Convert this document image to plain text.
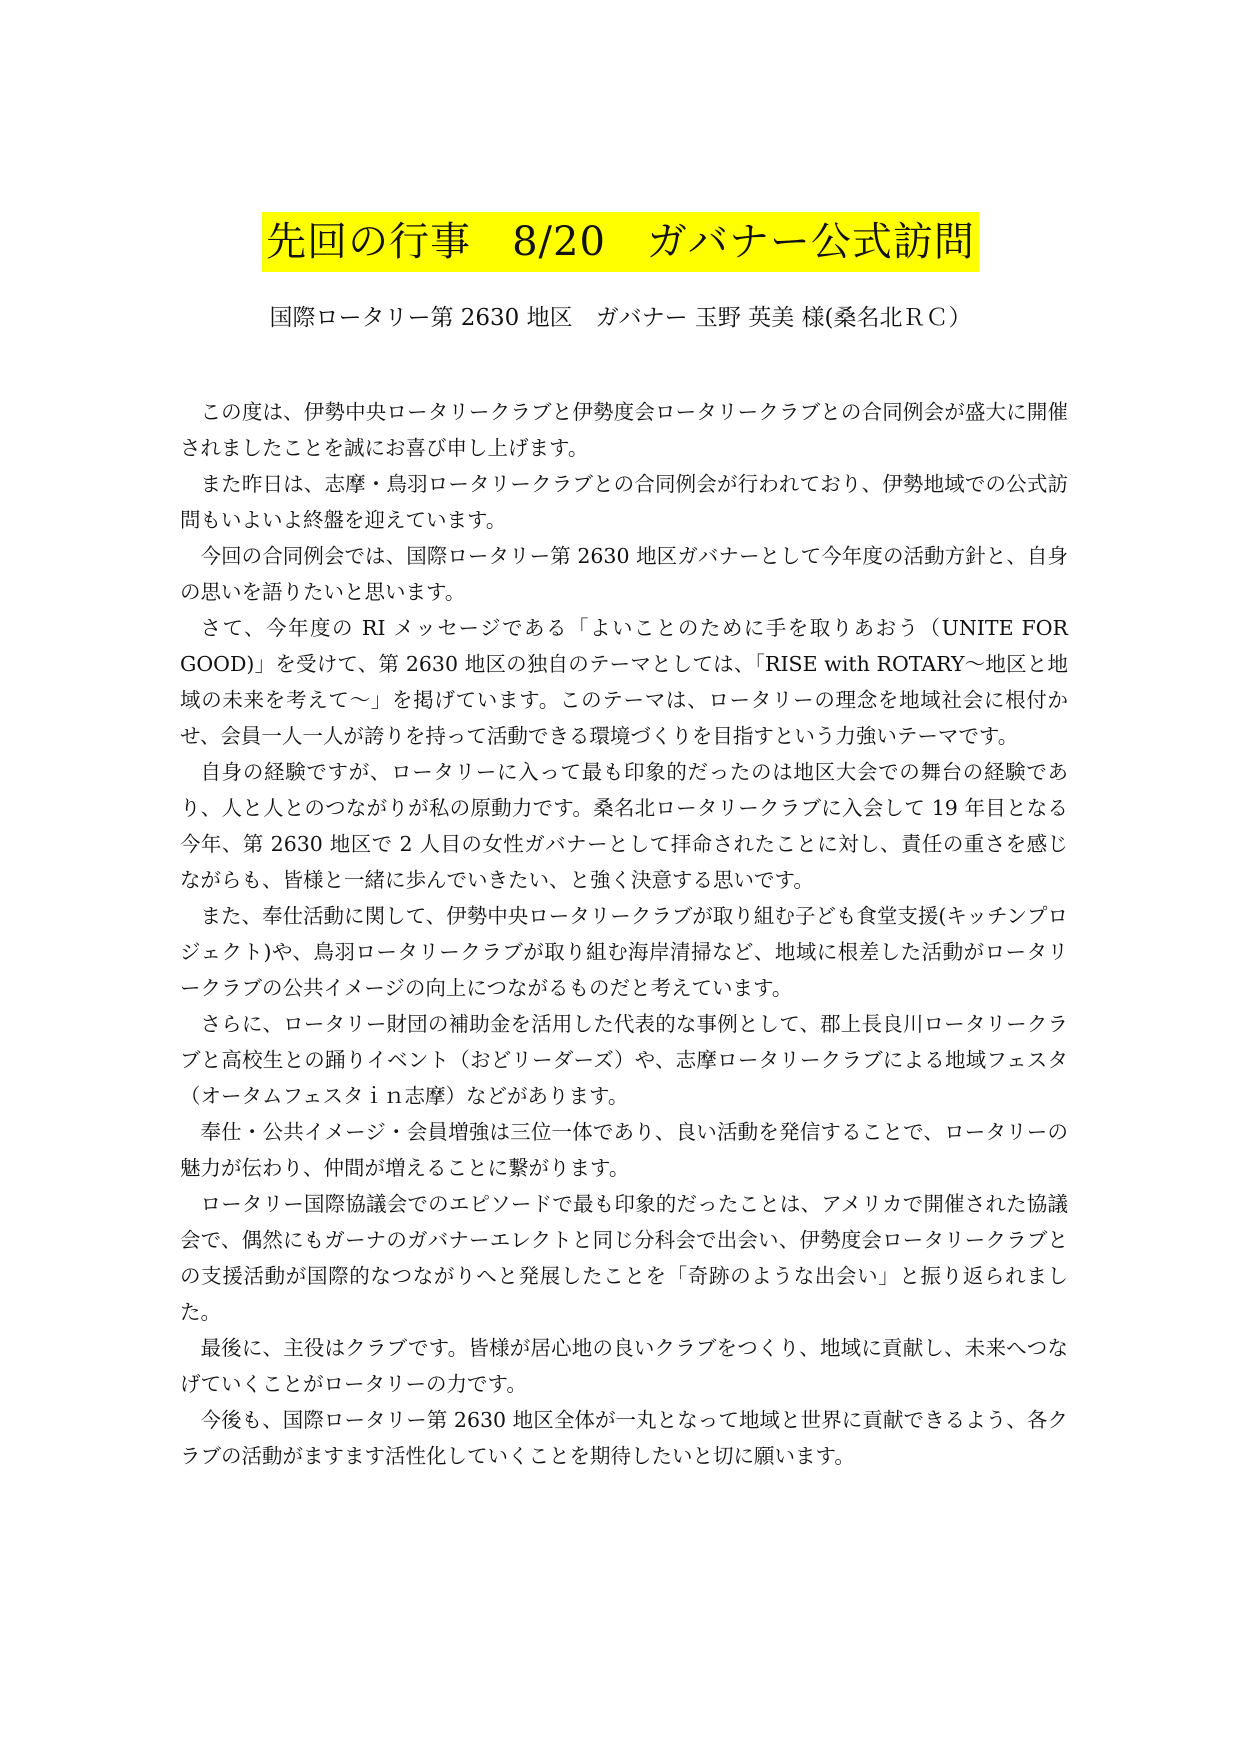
先回の行事　8/20　ガバナー公式訪問
国際ロータリー第 2630 地区　ガバナー 玉野 英美 様(桑名北ＲＣ）

この度は、伊勢中央ロータリークラブと伊勢度会ロータリークラブとの合同例会が盛大に開催されましたことを誠にお喜び申し上げます。

また昨日は、志摩・鳥羽ロータリークラブとの合同例会が行われており、伊勢地域での公式訪問もいよいよ終盤を迎えています。

今回の合同例会では、国際ロータリー第 2630 地区ガバナーとして今年度の活動方針と、自身の思いを語りたいと思います。

さて、今年度の RI メッセージである「よいことのために手を取りあおう（UNITE FOR GOOD)」を受けて、第 2630 地区の独自のテーマとしては、「RISE with ROTARY～地区と地域の未来を考えて～」を掲げています。このテーマは、ロータリーの理念を地域社会に根付かせ、会員一人一人が誇りを持って活動できる環境づくりを目指すという力強いテーマです。

自身の経験ですが、ロータリーに入って最も印象的だったのは地区大会での舞台の経験であり、人と人とのつながりが私の原動力です。桑名北ロータリークラブに入会して 19 年目となる今年、第 2630 地区で 2 人目の女性ガバナーとして拝命されたことに対し、責任の重さを感じながらも、皆様と一緒に歩んでいきたい、と強く決意する思いです。

また、奉仕活動に関して、伊勢中央ロータリークラブが取り組む子ども食堂支援(キッチンプロジェクト)や、鳥羽ロータリークラブが取り組む海岸清掃など、地域に根差した活動がロータリークラブの公共イメージの向上につながるものだと考えています。

さらに、ロータリー財団の補助金を活用した代表的な事例として、郡上長良川ロータリークラブと高校生との踊りイベント（おどリーダーズ）や、志摩ロータリークラブによる地域フェスタ（オータムフェスタｉｎ志摩）などがあります。

奉仕・公共イメージ・会員増強は三位一体であり、良い活動を発信することで、ロータリーの魅力が伝わり、仲間が増えることに繋がります。

ロータリー国際協議会でのエピソードで最も印象的だったことは、アメリカで開催された協議会で、偶然にもガーナのガバナーエレクトと同じ分科会で出会い、伊勢度会ロータリークラブとの支援活動が国際的なつながりへと発展したことを「奇跡のような出会い」と振り返られました。

最後に、主役はクラブです。皆様が居心地の良いクラブをつくり、地域に貢献し、未来へつなげていくことがロータリーの力です。

今後も、国際ロータリー第 2630 地区全体が一丸となって地域と世界に貢献できるよう、各クラブの活動がますます活性化していくことを期待したいと切に願います。
